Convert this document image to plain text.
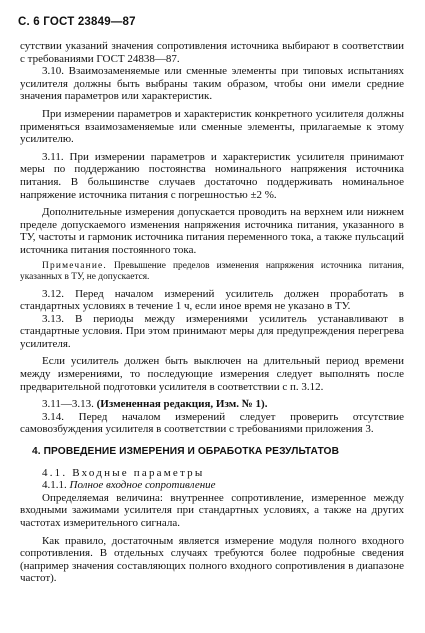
С. 6 ГОСТ 23849—87

сутствии указаний значения сопротивления источника выбирают в соответствии с требованиями ГОСТ 24838—87.

3.10. Взаимозаменяемые или сменные элементы при типовых испытаниях усилителя должны быть выбраны таким образом, чтобы они имели средние значения параметров или характеристик.

При измерении параметров и характеристик конкретного усилителя должны применяться взаимозаменяемые или сменные элементы, прилагаемые к этому усилителю.

3.11. При измерении параметров и характеристик усилителя принимают меры по поддержанию постоянства номинального напряжения источника питания. В большинстве случаев достаточно поддерживать номинальное напряжение источника питания с погрешностью ±2 %.

Дополнительные измерения допускается проводить на верхнем или нижнем пределе допускаемого изменения напряжения источника питания, указанного в ТУ, частоты и гармоник источника питания переменного тока, а также пульсаций источника питания постоянного тока.

Примечание. Превышение пределов изменения напряжения источника питания, указанных в ТУ, не допускается.

3.12. Перед началом измерений усилитель должен проработать в стандартных условиях в течение 1 ч, если иное время не указано в ТУ.

3.13. В периоды между измерениями усилитель устанавливают в стандартные условия. При этом принимают меры для предупреждения перегрева усилителя.

Если усилитель должен быть выключен на длительный период времени между измерениями, то последующие измерения следует выполнять после предварительной подготовки усилителя в соответствии с п. 3.12.

3.11—3.13. (Измененная редакция, Изм. № 1).

3.14. Перед началом измерений следует проверить отсутствие самовозбуждения усилителя в соответствии с требованиями приложения 3.

4. ПРОВЕДЕНИЕ ИЗМЕРЕНИЯ И ОБРАБОТКА РЕЗУЛЬТАТОВ

4.1. Входные параметры

4.1.1. Полное входное сопротивление

Определяемая величина: внутреннее сопротивление, измеренное между входными зажимами усилителя при стандартных условиях, а также на других частотах измерительного сигнала.

Как правило, достаточным является измерение модуля полного входного сопротивления. В отдельных случаях требуются более подробные сведения (например значения составляющих полного входного сопротивления в диапазоне частот).
